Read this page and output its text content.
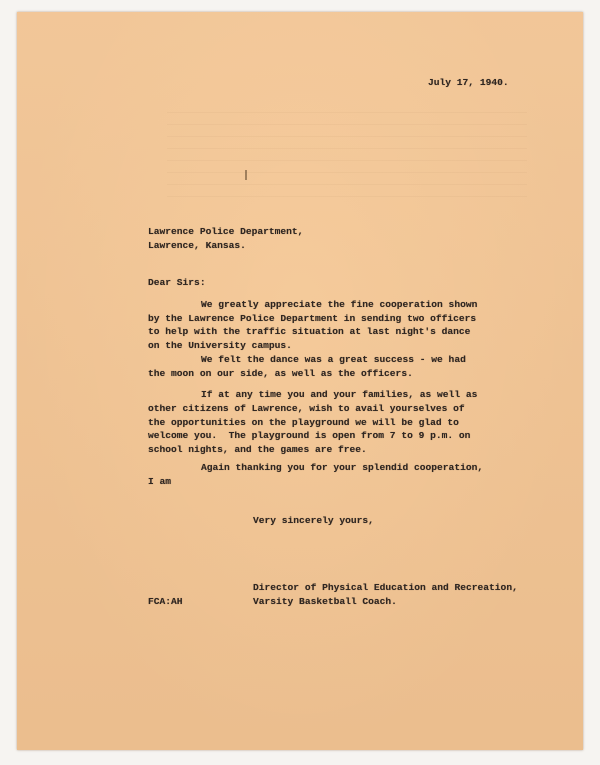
July 17, 1940.
Lawrence Police Department,
Lawrence, Kansas.
Dear Sirs:
We greatly appreciate the fine cooperation shown
by the Lawrence Police Department in sending two officers
to help with the traffic situation at last night's dance
on the University campus.
We felt the dance was a great success - we had
the moon on our side, as well as the officers.
If at any time you and your families, as well as
other citizens of Lawrence, wish to avail yourselves of
the opportunities on the playground we will be glad to
welcome you.  The playground is open from 7 to 9 p.m. on
school nights, and the games are free.
Again thanking you for your splendid cooperation,
I am
Very sincerely yours,
Director of Physical Education and Recreation,
FCA:AH	Varsity Basketball Coach.
